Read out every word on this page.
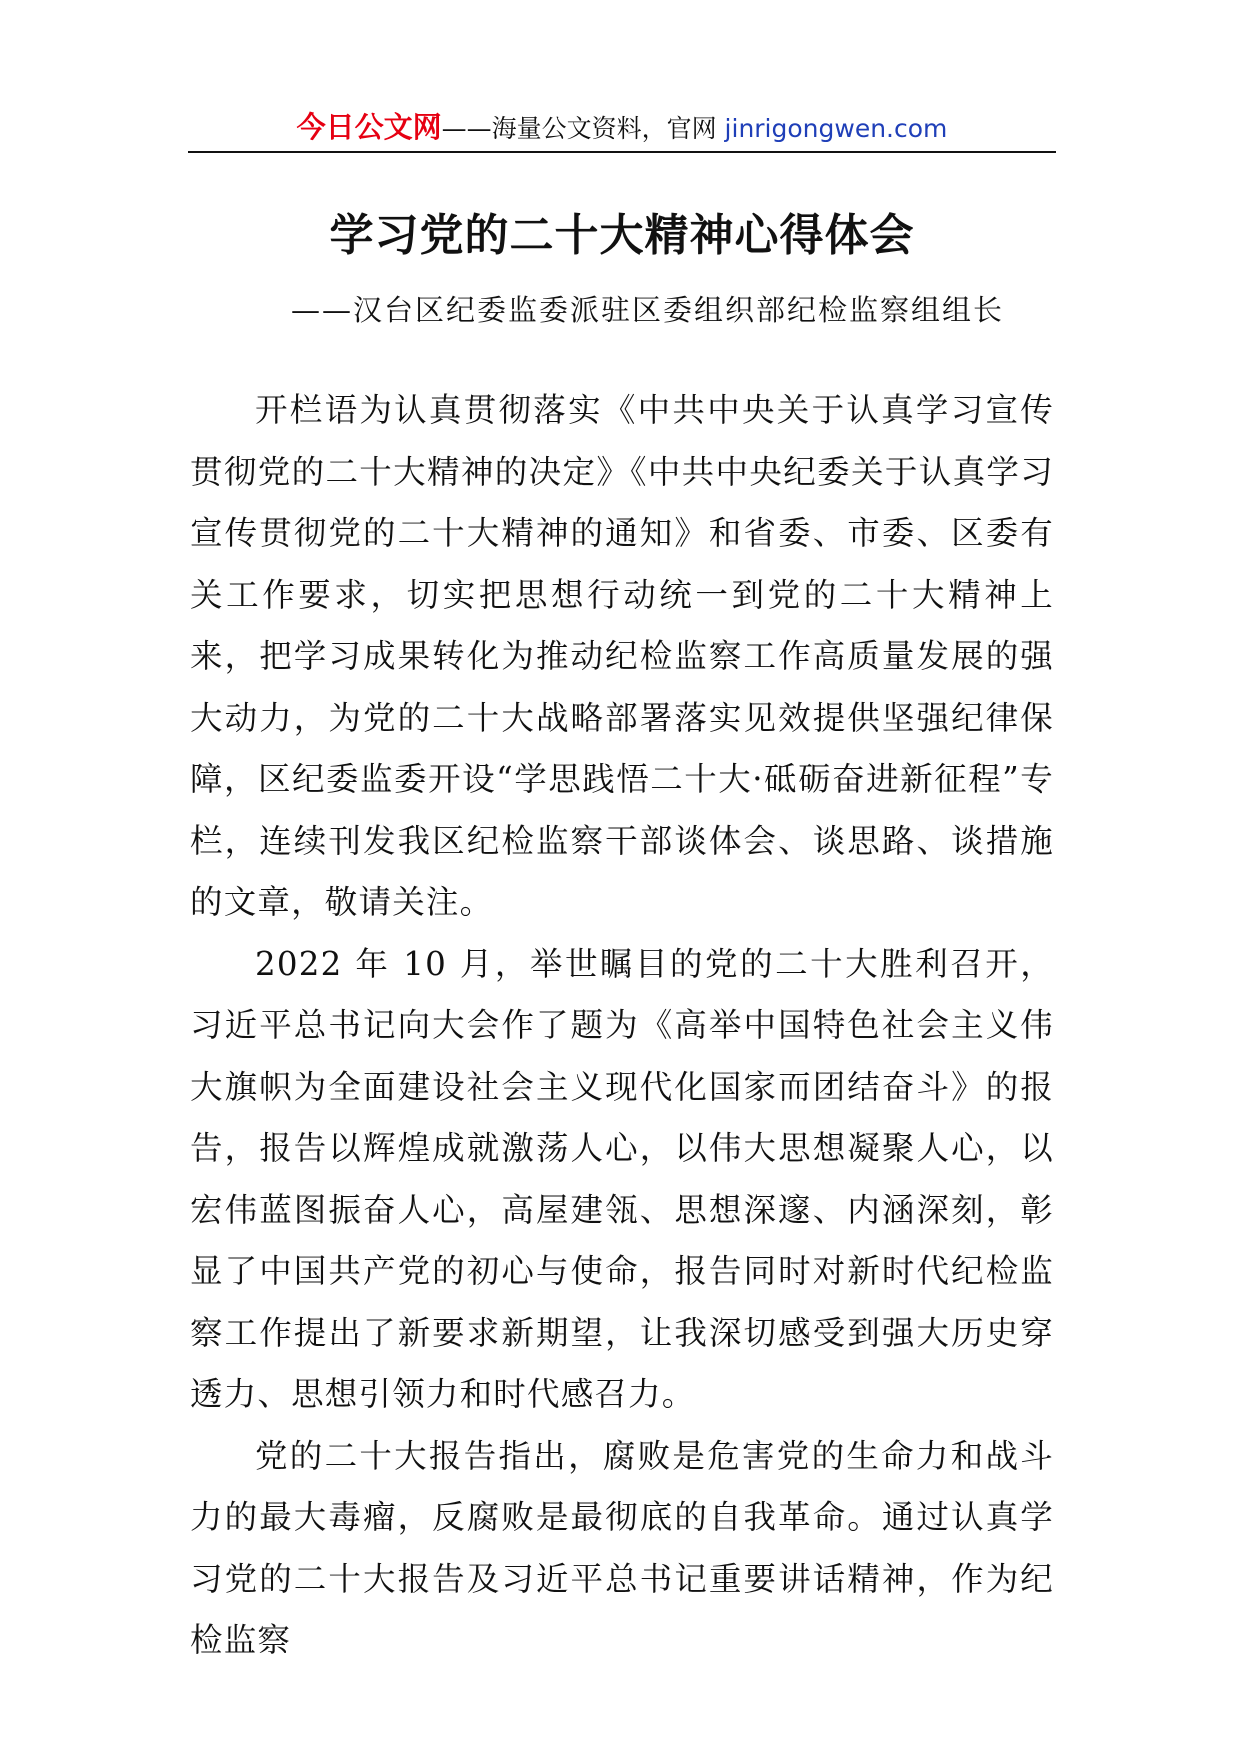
今日公文网——海量公文资料，官网 jinrigongwen.com
学习党的二十大精神心得体会
——汉台区纪委监委派驻区委组织部纪检监察组组长

开栏语为认真贯彻落实《中共中央关于认真学习宣传贯彻党的二十大精神的决定》《中共中央纪委关于认真学习宣传贯彻党的二十大精神的通知》和省委、市委、区委有关工作要求，切实把思想行动统一到党的二十大精神上来，把学习成果转化为推动纪检监察工作高质量发展的强大动力，为党的二十大战略部署落实见效提供坚强纪律保障，区纪委监委开设“学思践悟二十大·砥砺奋进新征程”专栏，连续刊发我区纪检监察干部谈体会、谈思路、谈措施的文章，敬请关注。

2022 年 10 月，举世瞩目的党的二十大胜利召开，习近平总书记向大会作了题为《高举中国特色社会主义伟大旗帜为全面建设社会主义现代化国家而团结奋斗》的报告，报告以辉煌成就激荡人心，以伟大思想凝聚人心，以宏伟蓝图振奋人心，高屋建瓴、思想深邃、内涵深刻，彰显了中国共产党的初心与使命，报告同时对新时代纪检监察工作提出了新要求新期望，让我深切感受到强大历史穿透力、思想引领力和时代感召力。

党的二十大报告指出，腐败是危害党的生命力和战斗力的最大毒瘤，反腐败是最彻底的自我革命。通过认真学习党的二十大报告及习近平总书记重要讲话精神，作为纪检监察
